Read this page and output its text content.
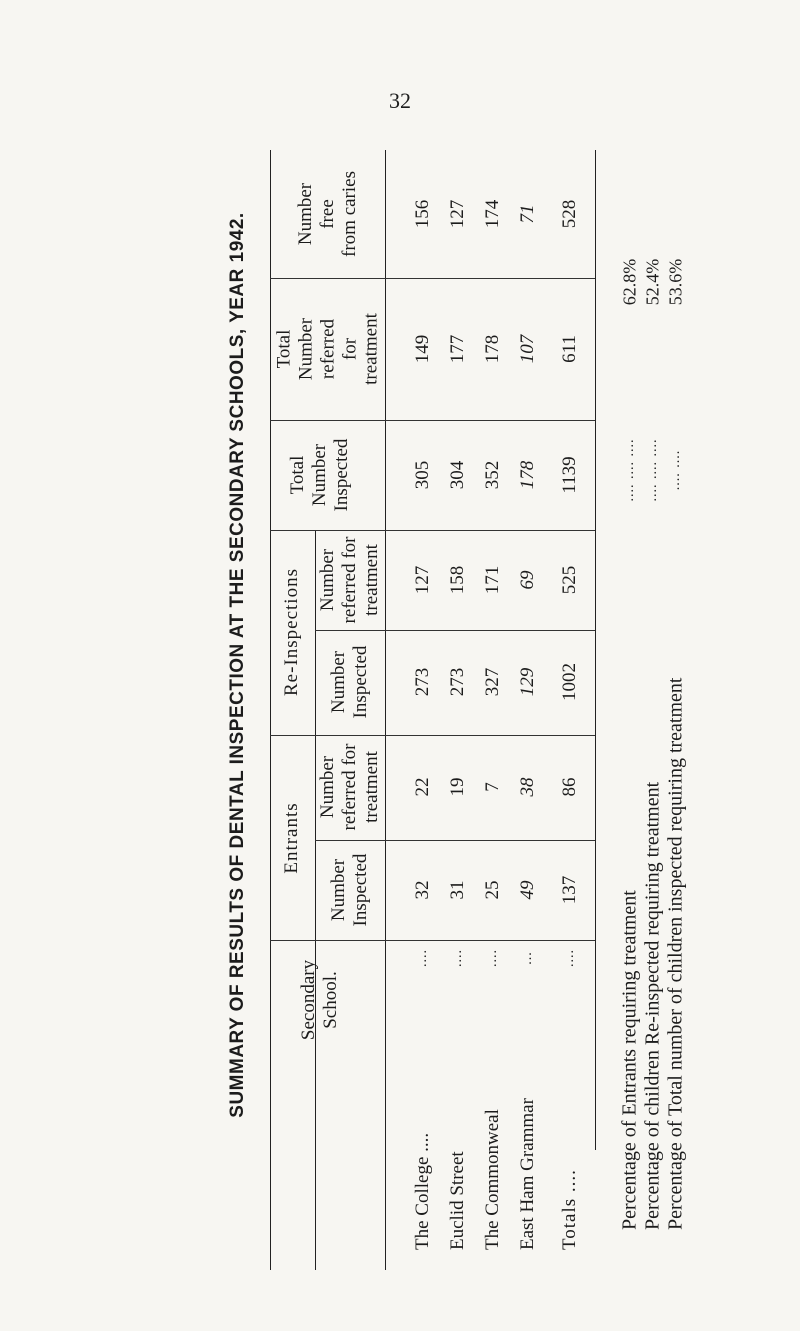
32
SUMMARY OF RESULTS OF DENTAL INSPECTION AT THE SECONDARY SCHOOLS, YEAR 1942. Number free from caries
Total Number referred for treatment
Total Number Inspected
Re-Inspections Number referred for treatment
Number Inspected
Entrants
Number referred for treatment
Number Inspected
Secondary School.
156
149
305
127
273
22
32
....
The College ....
127
177
304
158
273
19
31
....
Euclid Street
174
178
352
171
327
7
25
....
The Commonweal
71
107
178
69
129
38
49
...
East Ham Grammar
528
611
1139
525
1002
86
137
....
Totals .... Percentage of Entrants requiring treatment Percentage of children Re-inspected requiring treatment Percentage of Total number of children inspected requiring treatment
.... .... .... .... .... .... .... ....
62.8% 52.4% 53.6%
